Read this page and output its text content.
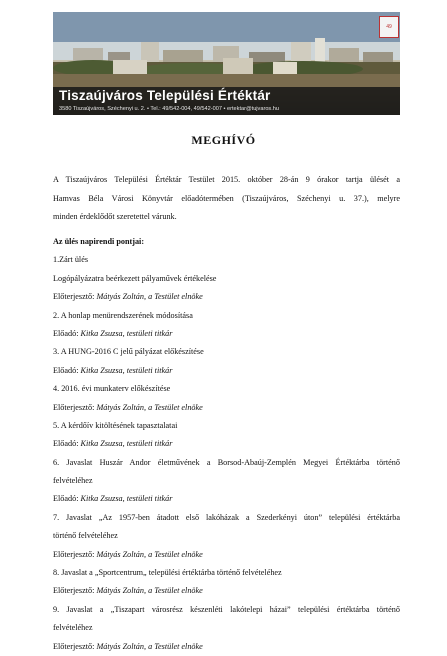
49
Tiszaújváros Települési Értéktár
3580 Tiszaújváros, Széchenyi u. 2. • Tel.: 49/542-004, 49/542-007 • ertektar@tujvaros.hu
MEGHÍVÓ
A Tiszaújváros Települési Értéktár Testület 2015. október 28-án 9 órakor tartja ülését a
Hamvas Béla Városi Könyvtár előadótermében (Tiszaújváros, Széchenyi u. 37.), melyre
minden érdeklődőt szeretettel várunk.
Az ülés napirendi pontjai:
1.Zárt ülés
Logópályázatra beérkezett pályaművek értékelése
Előterjesztő: Mátyás Zoltán, a Testület elnöke
2. A honlap menürendszerének módosítása
Előadó: Kitka Zsuzsa, testületi titkár
3. A HUNG-2016 C jelű pályázat előkészítése
Előadó: Kitka Zsuzsa, testületi titkár
4. 2016. évi munkaterv előkészítése
Előterjesztő: Mátyás Zoltán, a Testület elnöke
5. A kérdőív kitöltésének tapasztalatai
Előadó: Kitka Zsuzsa, testületi titkár
6. Javaslat Huszár Andor életművének a Borsod-Abaúj-Zemplén Megyei Értéktárba történő
felvételéhez
Előadó: Kitka Zsuzsa, testületi titkár
7. Javaslat „Az 1957-ben átadott első lakóházak a Szederkényi úton” települési értéktárba
történő felvételéhez
Előterjesztő: Mátyás Zoltán, a Testület elnöke
8. Javaslat a „Sportcentrum„ települési értéktárba történő felvételéhez
Előterjesztő: Mátyás Zoltán, a Testület elnöke
9. Javaslat a „Tiszapart városrész készenléti lakótelepi házai” települési értéktárba történő
felvételéhez
Előterjesztő: Mátyás Zoltán, a Testület elnöke
